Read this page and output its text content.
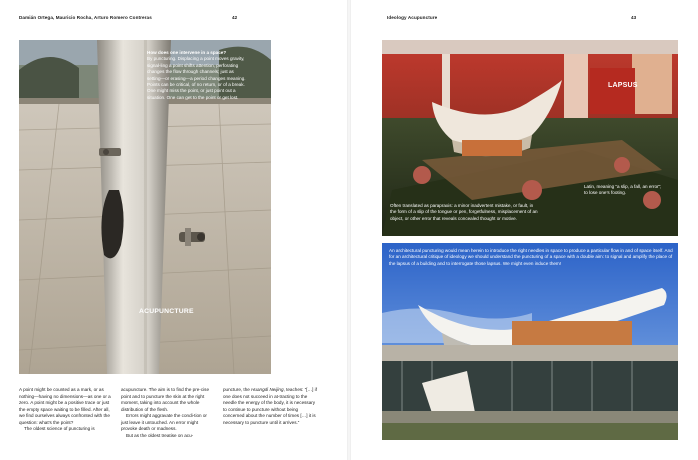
Damián Ortega, Mauricio Rocha, Arturo Romero Contreras	42
How does one intervene in a space?
By puncturing. Displacing a point moves gravity, signal-ling a point shifts attention, perforating changes the flow through channels; just as setting—or erasing—a period changes meaning. Points can be critical, of no return, or of a break. One might miss the point, or just point out a situation. One can get to the point or get lost.
ACUPUNCTURE

A point might be counted as a mark, or as nothing—having no dimensions—as one or a zero. A point might be a positive trace or just the empty space waiting to be filled. After all, we find ourselves always confronted with the question: what's the point?

The oldest science of puncturing is

acupuncture. The aim is to find the pre-cise point and to puncture the skin at the right moment, taking into account the whole distribution of the flesh.

Errors might aggravate the condi-tion or just leave it untouched. An error might provoke death or madness.

But as the oldest treatise on acu-

puncture, the Huangdi Neijing, teaches: “[…] if one does not succeed in at-tracting to the needle the energy of the body, it is necessary to continue to puncture without being concerned about the number of times […] it is necessary to puncture until it arrives.”

Ideology Acupuncture	43
LAPSUS
Often translated as parapraxis: a minor inadvertent mistake, or fault, in the form of a slip of the tongue or pen, forgetfulness, misplacement of an object, or other error that reveals concealed thought or motive.
Latin, meaning “a slip, a fall, an error”; to lose one’s footing.
An architectural puncturing would mean herein to introduce the right needles in space to produce a particular flow in and of space itself. And for an architectural critique of ideology we should understand the puncturing of a space with a double aim: to signal and amplify the place of the lapsus of a building and to interrogate those lapsus. We might even induce them!
